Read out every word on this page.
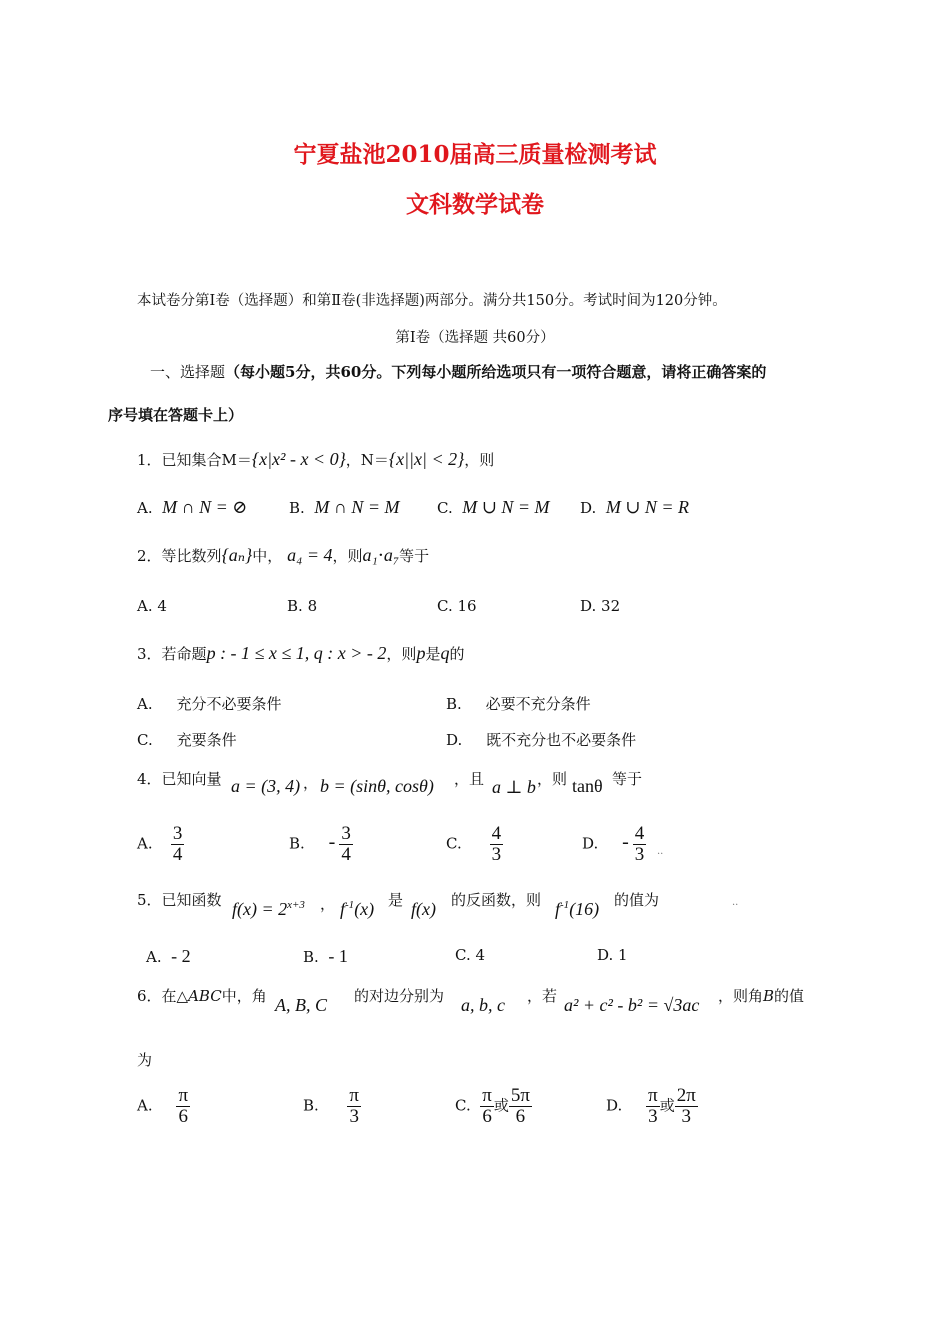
宁夏盐池2010届高三质量检测考试
文科数学试卷
本试卷分第Ⅰ卷（选择题）和第Ⅱ卷(非选择题)两部分。满分共150分。考试时间为120分钟。
第Ⅰ卷（选择题 共60分）
一、选择题（每小题5分，共60分。下列每小题所给选项只有一项符合题意，请将正确答案的
序号填在答题卡上）
1．已知集合M＝{x|x² - x < 0}，N＝{x||x| < 2}，则
A. M ∩ N = ⊘	B. M ∩ N = M	C. M ∪ N = M D. M ∪ N = R
2．等比数列{aₙ}中， a₄ = 4，则a₁⋅a₇等于
A. 4	B. 8	C. 16	D. 32
3．若命题p : - 1 ≤ x ≤ 1, q : x > - 2，则p是q的
A. 充分不必要条件	B. 必要不充分条件
C. 充要条件	D. 既不充分也不必要条件
4．已知向量 a = (3, 4) ， b = (sinθ, cosθ) ，且 a ⊥ b ，则 tanθ 等于
A. $\frac{3}{4}$	B. - $\frac{3}{4}$	C. $\frac{4}{3}$	D. - $\frac{4}{3}$ ..
5．已知函数 $f(x) = 2^{x+3}$ ， $f^{-1}(x)$ 是 f(x) 的反函数，则 $f^{-1}(16)$ 的值为	..
A. - 2	B. - 1	C. 4	D. 1
6．在△ABC中，角 A, B, C 的对边分别为 a, b, c ，若 a² + c² - b² = √3ac ，则角B的值
为
A. $\frac{\pi}{6}$	B. $\frac{\pi}{3}$	C. $\frac{\pi}{6}$ 或 $\frac{5\pi}{6}$	D. $\frac{\pi}{3}$ 或 $\frac{2\pi}{3}$
